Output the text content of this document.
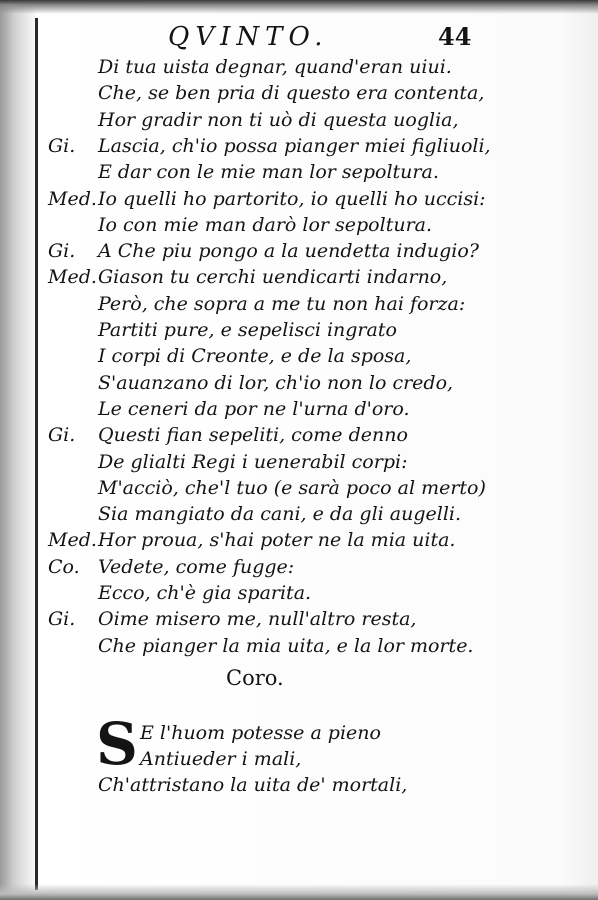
QVINTO.	44
Di tua uista degnar, quand'eran uiui.
Che, se ben pria di questo era contenta,
Hor gradir non ti uò di questa uoglia,
Gi. Lascia, ch'io possa pianger miei figliuoli,
E dar con le mie man lor sepoltura.
Med. Io quelli ho partorito, io quelli ho uccisi:
Io con mie man darò lor sepoltura.
Gi. A Che piu pongo a la uendetta indugio?
Med. Giason tu cerchi uendicarti indarno,
Però, che sopra a me tu non hai forza:
Partiti pure, e sepelisci ingrato
I corpi di Creonte, e de la sposa,
S'auanzano di lor, ch'io non lo credo,
Le ceneri da por ne l'urna d'oro.
Gi. Questi fian sepeliti, come denno
De glialti Regi i uenerabil corpi:
M'acciò, che'l tuo (e sarà poco al merto)
Sia mangiato da cani, e da gli augelli.
Med. Hor proua, s'hai poter ne la mia uita.
Co. Vedete, come fugge:
Ecco, ch'è gia sparita.
Gi. Oime misero me, null'altro resta,
Che pianger la mia uita, e la lor morte.
Coro.
S E l'huom potesse a pieno
Antiueder i mali,
Ch'attristano la uita de' mortali,
